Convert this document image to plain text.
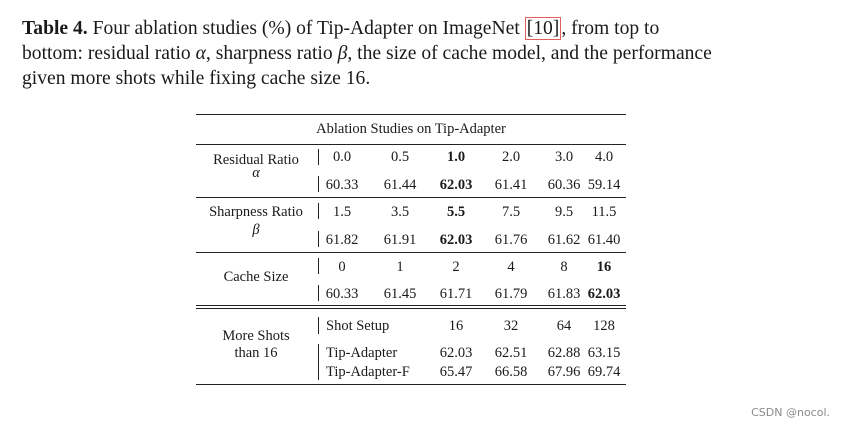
Table 4. Four ablation studies (%) of Tip-Adapter on ImageNet [10] , from top to
bottom: residual ratio α, sharpness ratio β, the size of cache model, and the performance
given more shots while fixing cache size 16.
Ablation Studies on Tip-Adapter
Residual Ratio
α
0.0	0.5	1.0	2.0	3.0	4.0
60.33	61.44	62.03	61.41	60.36 59.14
Sharpness Ratio
β
1.5	3.5	5.5	7.5	9.5	11.5
61.82	61.91	62.03	61.76	61.62 61.40
Cache Size
0	1	2	4	8	16
60.33	61.45	61.71	61.79	61.83 62.03
More Shots
than 16
Shot Setup	16	32	64	128
Tip-Adapter	62.03	62.51	62.88 63.15
Tip-Adapter-F	65.47	66.58	67.96 69.74
CSDN @nocol.
